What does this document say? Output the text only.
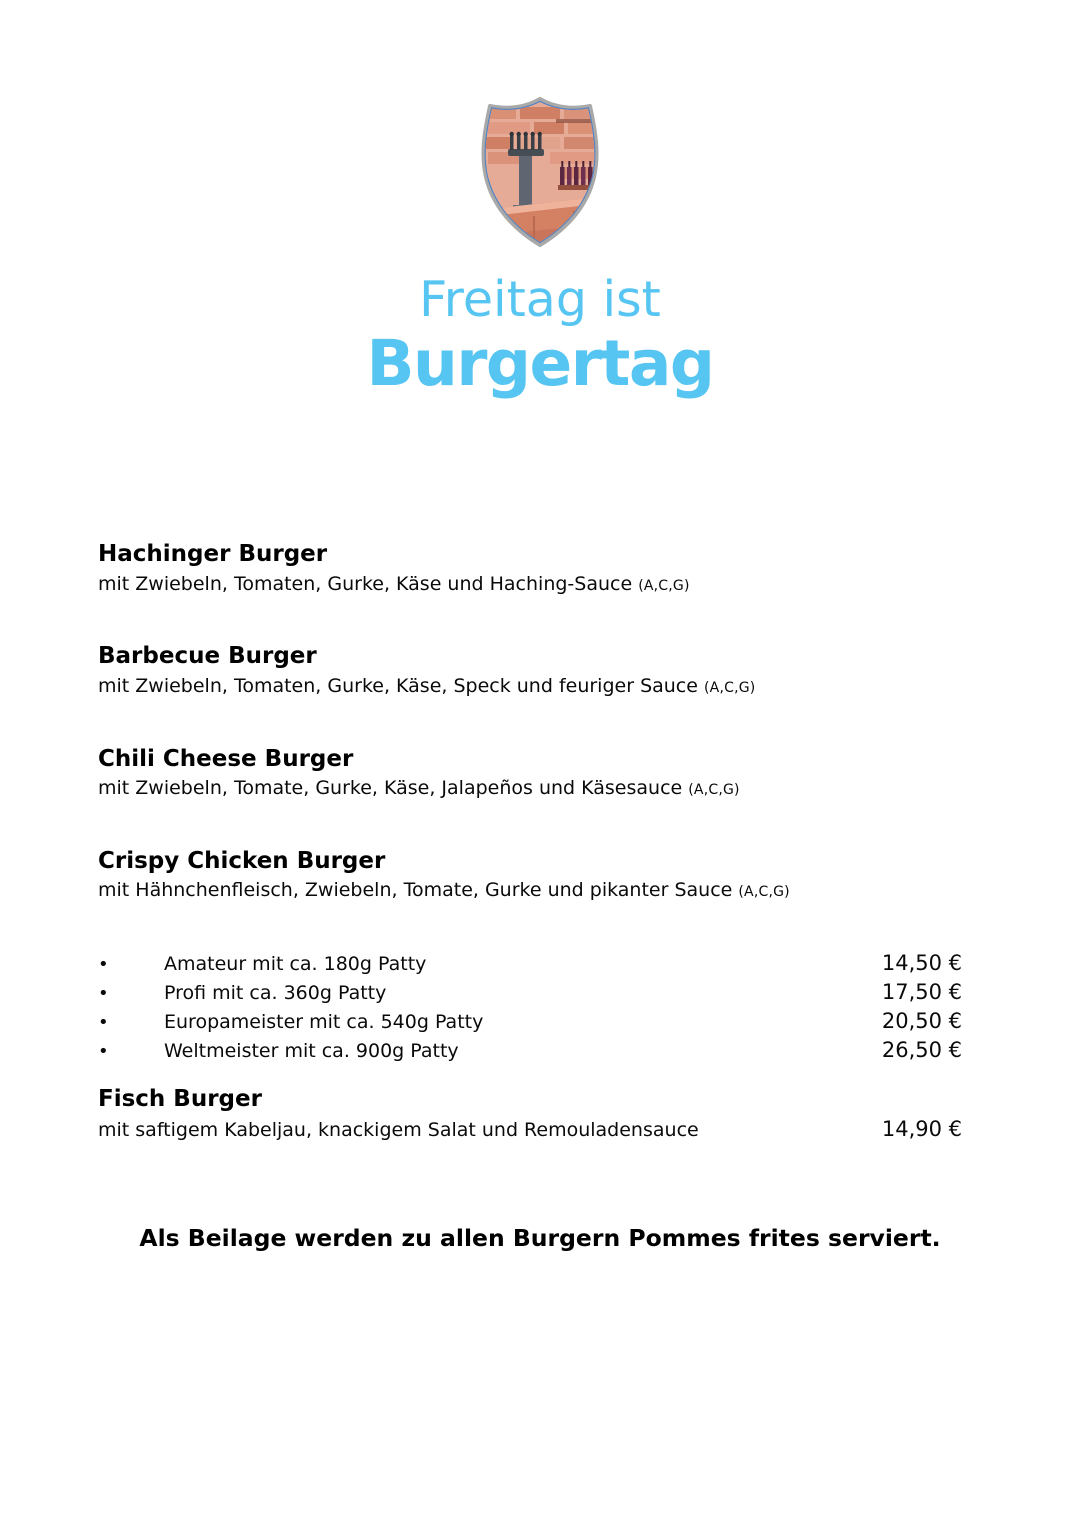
Freitag ist
Burgertag
Hachinger Burger

mit Zwiebeln, Tomaten, Gurke, Käse und Haching-Sauce (A,C,G)

Barbecue Burger

mit Zwiebeln, Tomaten, Gurke, Käse, Speck und feuriger Sauce (A,C,G)

Chili Cheese Burger

mit Zwiebeln, Tomate, Gurke, Käse, Jalapeños und Käsesauce (A,C,G)

Crispy Chicken Burger

mit Hähnchenfleisch, Zwiebeln, Tomate, Gurke und pikanter Sauce (A,C,G)

•	Amateur mit ca. 180g Patty	14,50 €
•	Profi mit ca. 360g Patty	17,50 €
•	Europameister mit ca. 540g Patty	20,50 €
•	Weltmeister mit ca. 900g Patty	26,50 €
Fisch Burger
mit saftigem Kabeljau, knackigem Salat und Remouladensauce	14,90 €
Als Beilage werden zu allen Burgern Pommes frites serviert.
